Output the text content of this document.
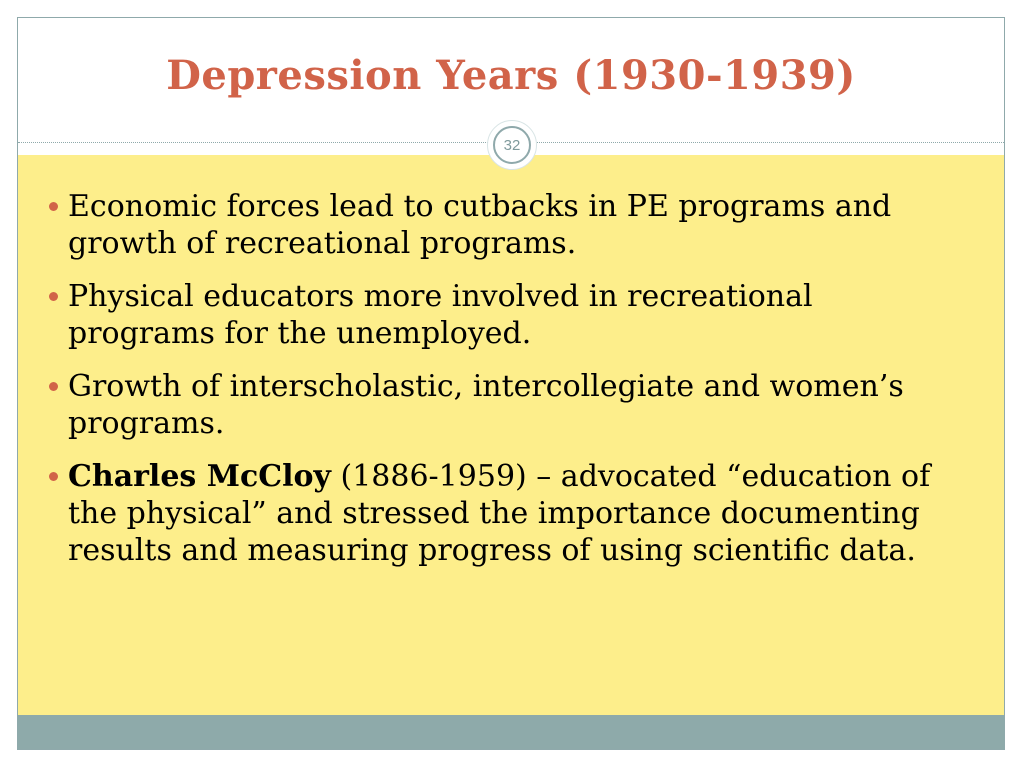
Depression Years (1930-1939)
32
Economic forces lead to cutbacks in PE programs and growth of recreational programs.
Physical educators more involved in recreational programs for the unemployed.
Growth of interscholastic, intercollegiate and women’s programs.
Charles McCloy (1886-1959) – advocated “education of the physical” and stressed the importance documenting results and measuring progress of using scientific data.
